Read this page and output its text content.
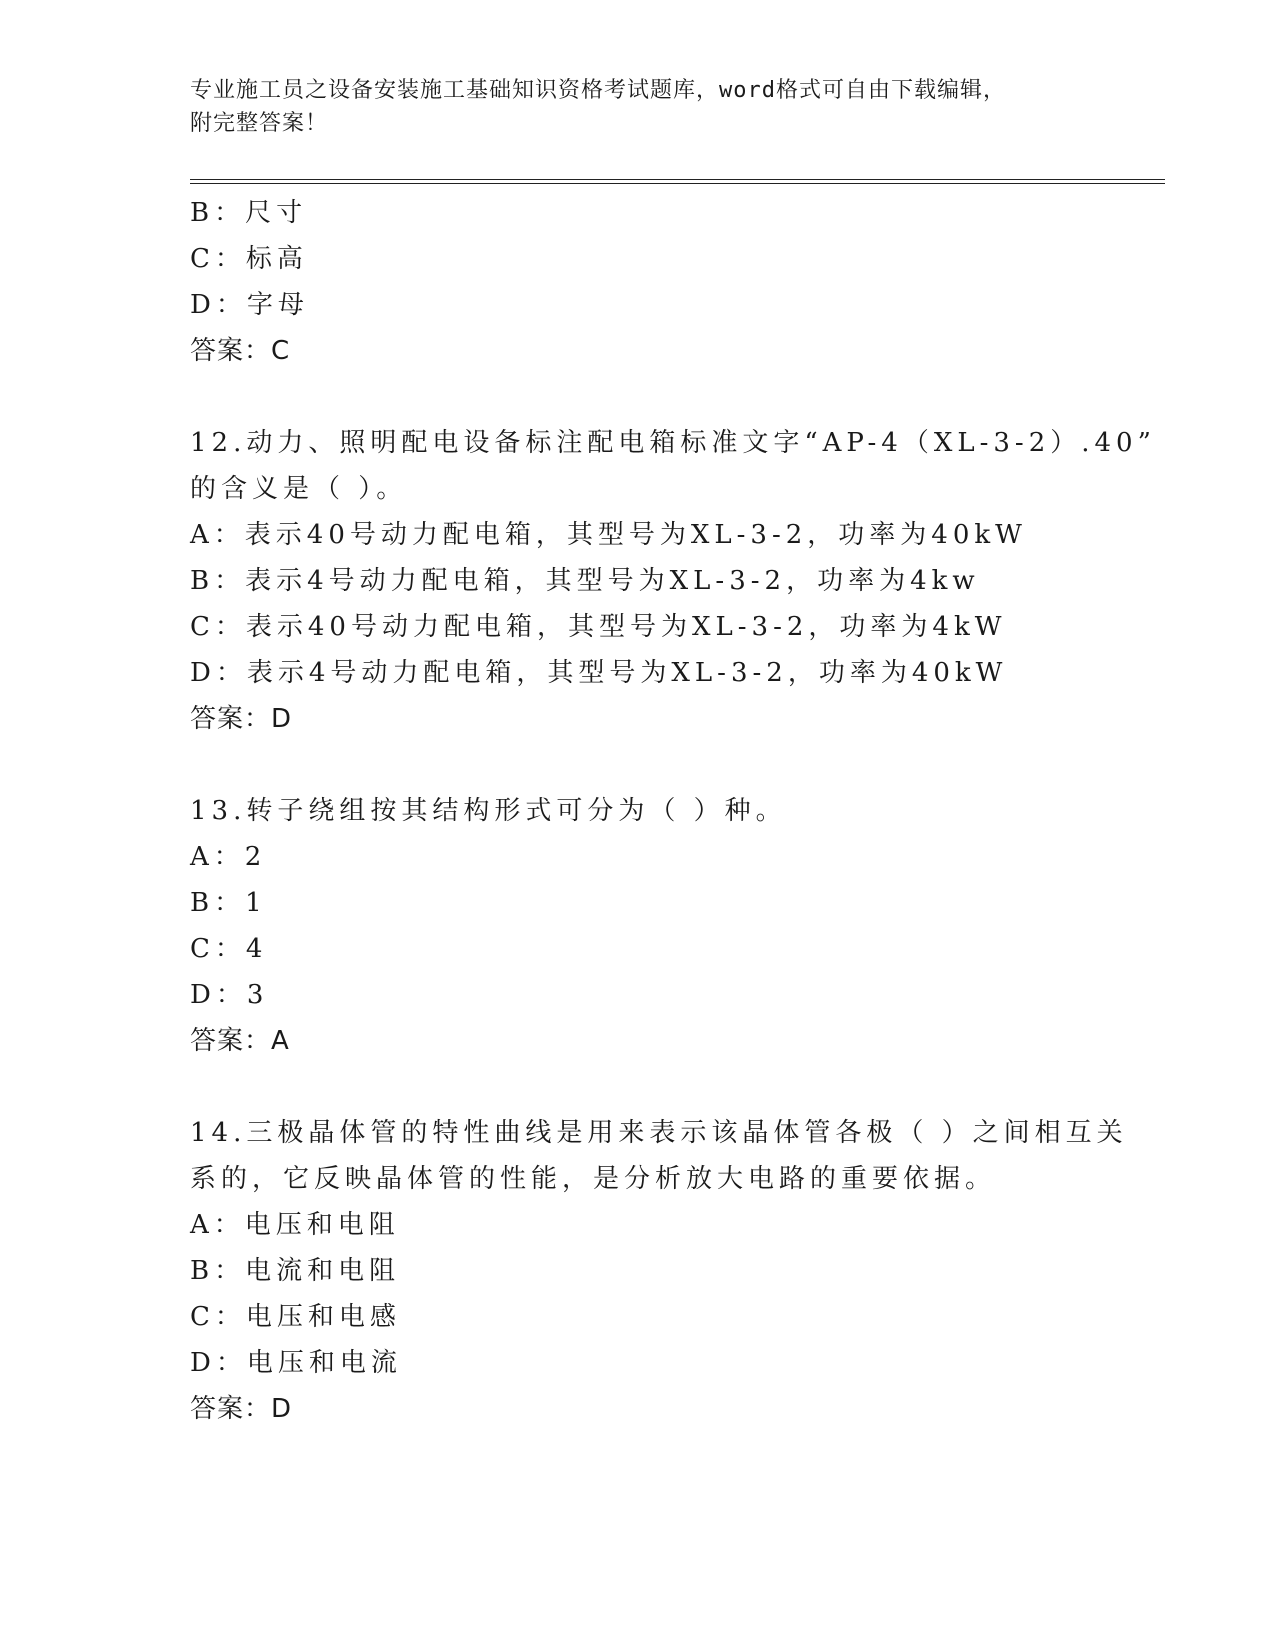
专业施工员之设备安装施工基础知识资格考试题库，word格式可自由下载编辑，
附完整答案！
B：尺寸
C：标高
D：字母
答案：C
12.动力、照明配电设备标注配电箱标准文字“AP-4（XL-3-2）.40”
的含义是（ ）。
A：表示40号动力配电箱，其型号为XL-3-2，功率为40kW
B：表示4号动力配电箱，其型号为XL-3-2，功率为4kw
C：表示40号动力配电箱，其型号为XL-3-2，功率为4kW
D：表示4号动力配电箱，其型号为XL-3-2，功率为40kW
答案：D
13.转子绕组按其结构形式可分为（ ）种。
A：2
B：1
C：4
D：3
答案：A
14.三极晶体管的特性曲线是用来表示该晶体管各极（ ）之间相互关
系的，它反映晶体管的性能，是分析放大电路的重要依据。
A：电压和电阻
B：电流和电阻
C：电压和电感
D：电压和电流
答案：D
